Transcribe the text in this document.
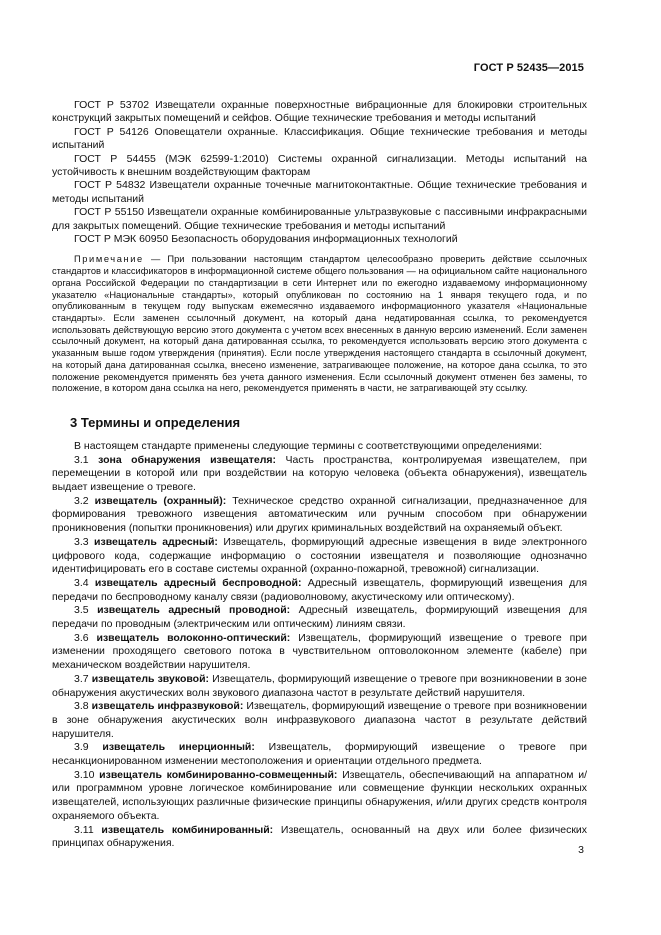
ГОСТ Р 52435—2015

ГОСТ Р 53702 Извещатели охранные поверхностные вибрационные для блокировки строительных конструкций закрытых помещений и сейфов. Общие технические требования и методы испытаний

ГОСТ Р 54126 Оповещатели охранные. Классификация. Общие технические требования и методы испытаний

ГОСТ Р 54455 (МЭК 62599-1:2010) Системы охранной сигнализации. Методы испытаний на устойчивость к внешним воздействующим факторам

ГОСТ Р 54832 Извещатели охранные точечные магнитоконтактные. Общие технические требования и методы испытаний

ГОСТ Р 55150 Извещатели охранные комбинированные ультразвуковые с пассивными инфракрасными для закрытых помещений. Общие технические требования и методы испытаний

ГОСТ Р МЭК 60950 Безопасность оборудования информационных технологий

Примечание — При пользовании настоящим стандартом целесообразно проверить действие ссылочных стандартов и классификаторов в информационной системе общего пользования — на официальном сайте национального органа Российской Федерации по стандартизации в сети Интернет или по ежегодно издаваемому информационному указателю «Национальные стандарты», который опубликован по состоянию на 1 января текущего года, и по опубликованным в текущем году выпускам ежемесячно издаваемого информационного указателя «Национальные стандарты». Если заменен ссылочный документ, на который дана недатированная ссылка, то рекомендуется использовать действующую версию этого документа с учетом всех внесенных в данную версию изменений. Если заменен ссылочный документ, на который дана датированная ссылка, то рекомендуется использовать версию этого документа с указанным выше годом утверждения (принятия). Если после утверждения настоящего стандарта в ссылочный документ, на который дана датированная ссылка, внесено изменение, затрагивающее положение, на которое дана ссылка, то это положение рекомендуется применять без учета данного изменения. Если ссылочный документ отменен без замены, то положение, в котором дана ссылка на него, рекомендуется применять в части, не затрагивающей эту ссылку.

3 Термины и определения

В настоящем стандарте применены следующие термины с соответствующими определениями:

3.1 зона обнаружения извещателя: Часть пространства, контролируемая извещателем, при перемещении в которой или при воздействии на которую человека (объекта обнаружения), извещатель выдает извещение о тревоге.

3.2 извещатель (охранный): Техническое средство охранной сигнализации, предназначенное для формирования тревожного извещения автоматическим или ручным способом при обнаружении проникновения (попытки проникновения) или других криминальных воздействий на охраняемый объект.

3.3 извещатель адресный: Извещатель, формирующий адресные извещения в виде электронного цифрового кода, содержащие информацию о состоянии извещателя и позволяющие однозначно идентифицировать его в составе системы охранной (охранно-пожарной, тревожной) сигнализации.

3.4 извещатель адресный беспроводной: Адресный извещатель, формирующий извещения для передачи по беспроводному каналу связи (радиоволновому, акустическому или оптическому).

3.5 извещатель адресный проводной: Адресный извещатель, формирующий извещения для передачи по проводным (электрическим или оптическим) линиям связи.

3.6 извещатель волоконно-оптический: Извещатель, формирующий извещение о тревоге при изменении проходящего светового потока в чувствительном оптоволоконном элементе (кабеле) при механическом воздействии нарушителя.

3.7 извещатель звуковой: Извещатель, формирующий извещение о тревоге при возникновении в зоне обнаружения акустических волн звукового диапазона частот в результате действий нарушителя.

3.8 извещатель инфразвуковой: Извещатель, формирующий извещение о тревоге при возникновении в зоне обнаружения акустических волн инфразвукового диапазона частот в результате действий нарушителя.

3.9 извещатель инерционный: Извещатель, формирующий извещение о тревоге при несанкционированном изменении местоположения и ориентации отдельного предмета.

3.10 извещатель комбинированно-совмещенный: Извещатель, обеспечивающий на аппаратном и/или программном уровне логическое комбинирование или совмещение функции нескольких охранных извещателей, использующих различные физические принципы обнаружения, и/или других средств контроля охраняемого объекта.

3.11 извещатель комбинированный: Извещатель, основанный на двух или более физических принципах обнаружения.

3
